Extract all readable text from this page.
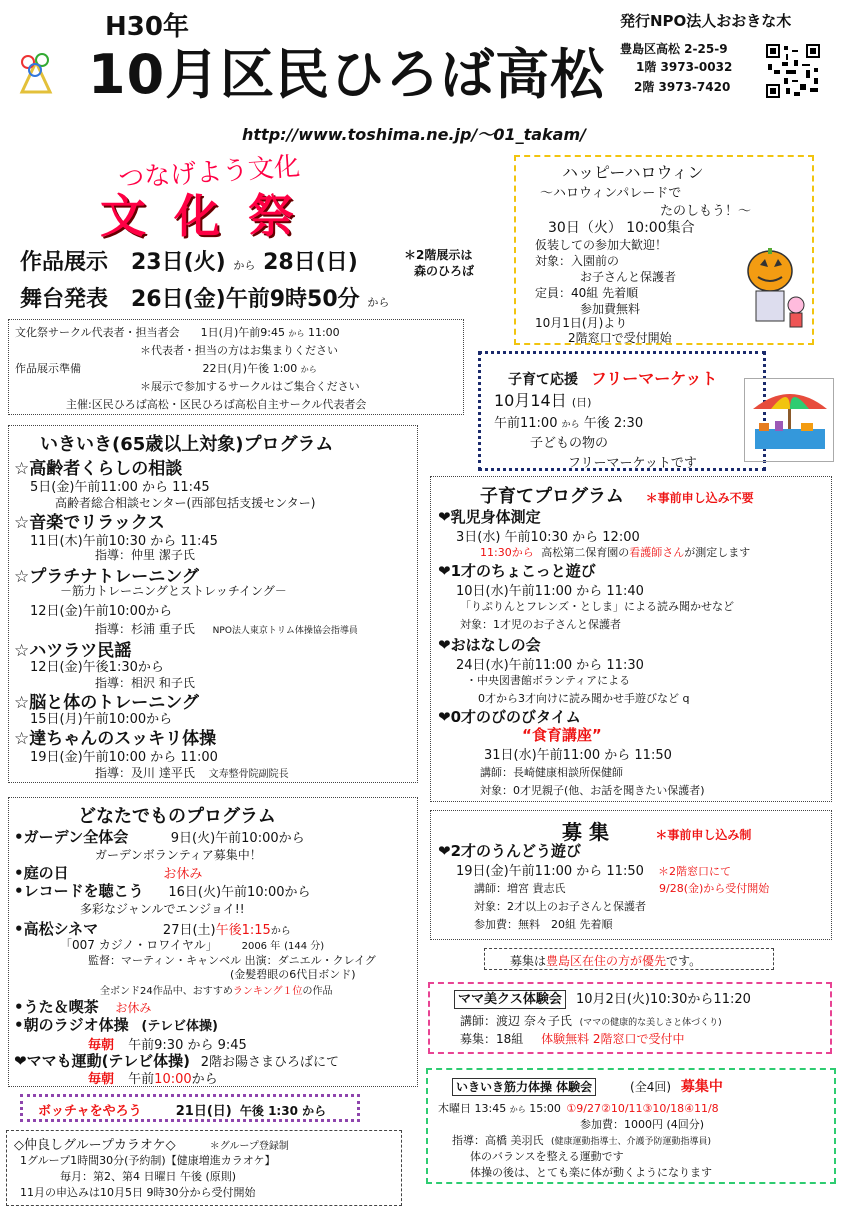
H30年
10月区民ひろば高松
発行NPO法人おおきな木
豊島区高松 2-25-9
1階 3973-0032
2階 3973-7420
http://www.toshima.ne.jp/～01_takam/
つなげよう文化
文化祭
作品展示 23日(火) から 28日(日)	＊2階展示は
森のひろば
舞台発表 26日(金)午前9時50分 から
文化祭サークル代表者・担当者会 1日(月)午前9:45 から 11:00
＊代表者・担当の方はお集まりください
作品展示準備	22日(月)午後 1:00 から
＊展示で参加するサークルはご集合ください
主催:区民ひろば高松・区民ひろば高松自主サークル代表者会
ハッピーハロウィン
～ハロウィンパレードで
たのしもう！～
30日（火） 10:00集合
仮装しての参加大歓迎！
対象：入園前の
お子さんと保護者
定員：40組 先着順
参加費無料
10月1日(月)より
2階窓口で受付開始
子育て応援 フリーマーケット
10月14日 (日)
午前11:00 から 午後 2:30
子どもの物の
フリーマーケットです
いきいき(65歳以上対象)プログラム
☆高齢者くらしの相談
5日(金)午前11:00 から 11:45
高齢者総合相談センター(西部包括支援センター)
☆音楽でリラックス
11日(木)午前10:30 から 11:45
指導：仲里 潔子氏
☆プラチナトレーニング
－筋力トレーニングとストレッチイング－
12日(金)午前10:00から
指導：杉浦 重子氏 NPO法人東京トリム体操協会指導員
☆ハツラツ民謡
12日(金)午後1:30から
指導：相沢 和子氏
☆脳と体のトレーニング
15日(月)午前10:00から
☆達ちゃんのスッキリ体操
19日(金)午前10:00 から 11:00
指導：及川 達平氏 文寿整骨院副院長
どなたでものプログラム
•ガーデン全体会	9日(火)午前10:00から
ガーデンボランティア募集中！
•庭の日	お休み
•レコードを聴こう 16日(火)午前10:00から
多彩なジャンルでエンジョイ!!
•高松シネマ	27日(土)午後1:15から
「007 カジノ・ロワイヤル」 2006 年 (144 分)
監督：マーティン・キャンベル 出演：ダニエル・クレイグ
(金髪碧眼の6代目ボンド)
全ボンド24作品中、おすすめランキング１位の作品
•うた＆喫茶 お休み
•朝のラジオ体操 (テレビ体操)
毎朝 午前9:30 から 9:45
❤ママも運動(テレビ体操) 2階お陽さまひろばにて
毎朝 午前10:00から
ボッチャをやろう	21日(日) 午後 1:30 から
◇仲良しグループカラオケ◇	＊グループ登録制
1グループ1時間30分(予約制)【健康増進カラオケ】
毎月：第2、第4 日曜日 午後 (原則)
11月の申込みは10月5日 9時30分から受付開始
子育てプログラム ＊事前申し込み不要
❤乳児身体測定
3日(水) 午前10:30 から 12:00
11:30から 高松第二保育園の看護師さんが測定します
❤1才のちょこっと遊び
10日(水)午前11:00 から 11:40
「りぷりんとフレンズ・としま」による読み聞かせなど
対象：1才児のお子さんと保護者
❤おはなしの会
24日(水)午前11:00 から 11:30
・中央図書館ボランティアによる
0才から3才向けに読み聞かせ手遊びなど q
❤0才のびのびタイム
“食育講座”
31日(水)午前11:00 から 11:50
講師：長崎健康相談所保健師
対象：0才児親子(他、お話を聞きたい保護者)
募 集	＊事前申し込み制
❤2才のうんどう遊び
19日(金)午前11:00 から 11:50 ＊2階窓口にて
講師：増宮 貴志氏	9/28(金)から受付開始
対象：2才以上のお子さんと保護者
参加費：無料　20組 先着順
募集は豊島区在住の方が優先です。
ママ美クス体験会 10月2日(火)10:30から11:20
講師：渡辺 奈々子氏 (ママの健康的な美しさと体づくり)
募集：18組 体験無料 2階窓口で受付中
いきいき筋力体操 体験会	(全4回) 募集中
木曜日 13:45 から 15:00 ①9/27②10/11③10/18④11/8
参加費：1000円 (4回分)
指導：高橋 美羽氏 (健康運動指導士、介護予防運動指導員)
体のバランスを整える運動です
体操の後は、とても楽に体が動くようになります
